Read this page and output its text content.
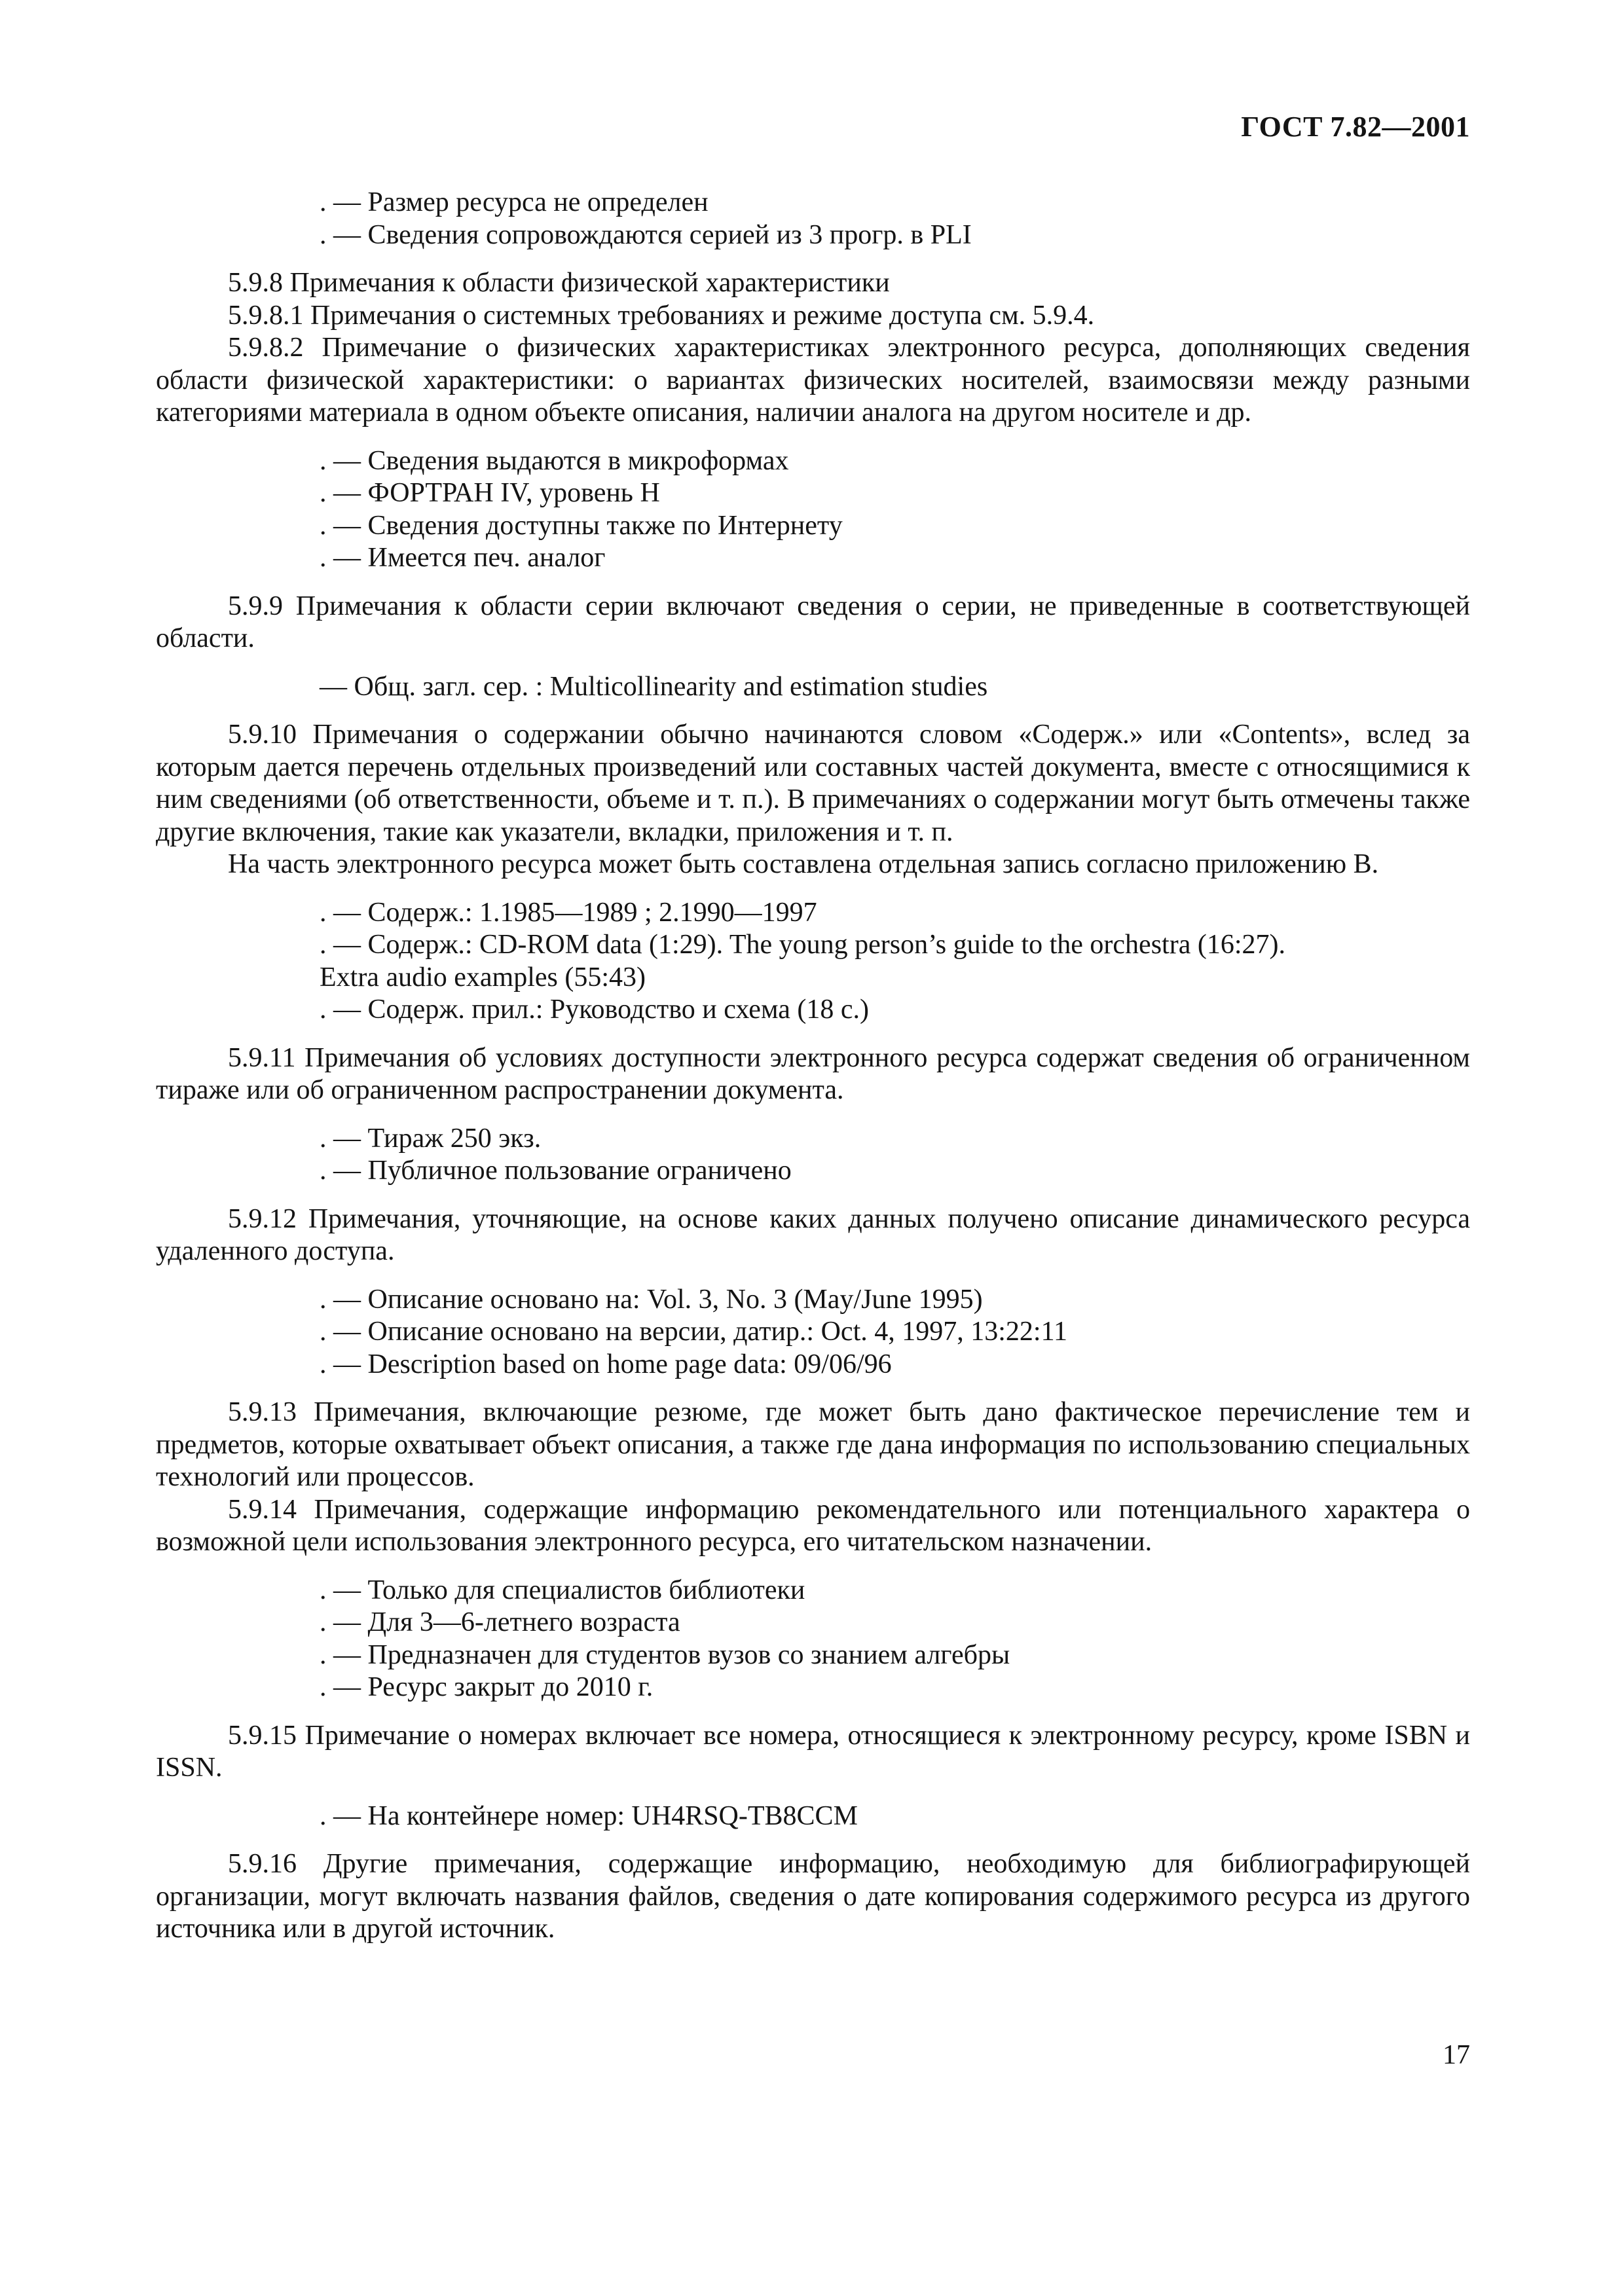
ГОСТ 7.82—2001

. — Размер ресурса не определен

. — Сведения сопровождаются серией из 3 прогр. в PLI

5.9.8 Примечания к области физической характеристики

5.9.8.1 Примечания о системных требованиях и режиме доступа см. 5.9.4.

5.9.8.2 Примечание о физических характеристиках электронного ресурса, дополняющих сведения области физической характеристики: о вариантах физических носителей, взаимосвязи между разными категориями материала в одном объекте описания, наличии аналога на другом носителе и др.

. — Сведения выдаются в микроформах

. — ФОРТРАН IV, уровень H

. — Сведения доступны также по Интернету

. — Имеется печ. аналог

5.9.9 Примечания к области серии включают сведения о серии, не приведенные в соответствующей области.

— Общ. загл. сер. : Multicollinearity and estimation studies

5.9.10 Примечания о содержании обычно начинаются словом «Содерж.» или «Contents», вслед за которым дается перечень отдельных произведений или составных частей документа, вместе с относящимися к ним сведениями (об ответственности, объеме и т. п.). В примечаниях о содержании могут быть отмечены также другие включения, такие как указатели, вкладки, приложения и т. п.

На часть электронного ресурса может быть составлена отдельная запись согласно приложению В.

. — Содерж.: 1.1985—1989 ; 2.1990—1997

. — Содерж.: CD-ROM data (1:29). The young person’s guide to the orchestra (16:27).

Extra audio examples (55:43)

. — Содерж. прил.: Руководство и схема (18 с.)

5.9.11 Примечания об условиях доступности электронного ресурса содержат сведения об ограниченном тираже или об ограниченном распространении документа.

. — Тираж 250 экз.

. — Публичное пользование ограничено

5.9.12 Примечания, уточняющие, на основе каких данных получено описание динамического ресурса удаленного доступа.

. — Описание основано на: Vol. 3, No. 3 (May/June 1995)

. — Описание основано на версии, датир.: Oct. 4, 1997, 13:22:11

. — Description based on home page data: 09/06/96

5.9.13 Примечания, включающие резюме, где может быть дано фактическое перечисление тем и предметов, которые охватывает объект описания, а также где дана информация по использованию специальных технологий или процессов.

5.9.14 Примечания, содержащие информацию рекомендательного или потенциального характера о возможной цели использования электронного ресурса, его читательском назначении.

. — Только для специалистов библиотеки

. — Для 3—6-летнего возраста

. — Предназначен для студентов вузов со знанием алгебры

. — Ресурс закрыт до 2010 г.

5.9.15 Примечание о номерах включает все номера, относящиеся к электронному ресурсу, кроме ISBN и ISSN.

. — На контейнере номер: UH4RSQ-TB8CCM

5.9.16 Другие примечания, содержащие информацию, необходимую для библиографирующей организации, могут включать названия файлов, сведения о дате копирования содержимого ресурса из другого источника или в другой источник.

17
